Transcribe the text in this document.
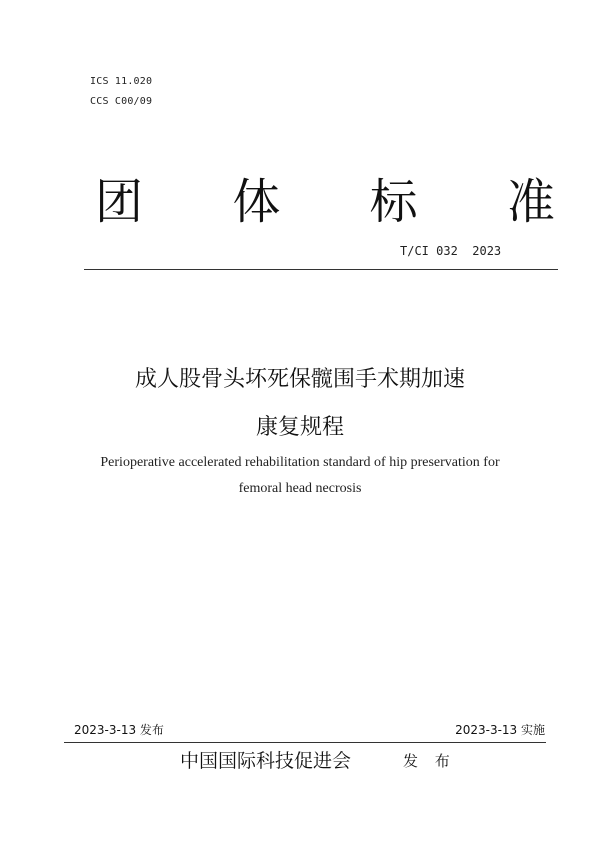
ICS 11.020
CCS C00/09
团 体 标 准
T/CI 032  2023
成人股骨头坏死保髋围手术期加速
康复规程
Perioperative accelerated rehabilitation standard of hip preservation for
femoral head necrosis
2023-3-13 发布	2023-3-13 实施
中国国际科技促进会	发 布
